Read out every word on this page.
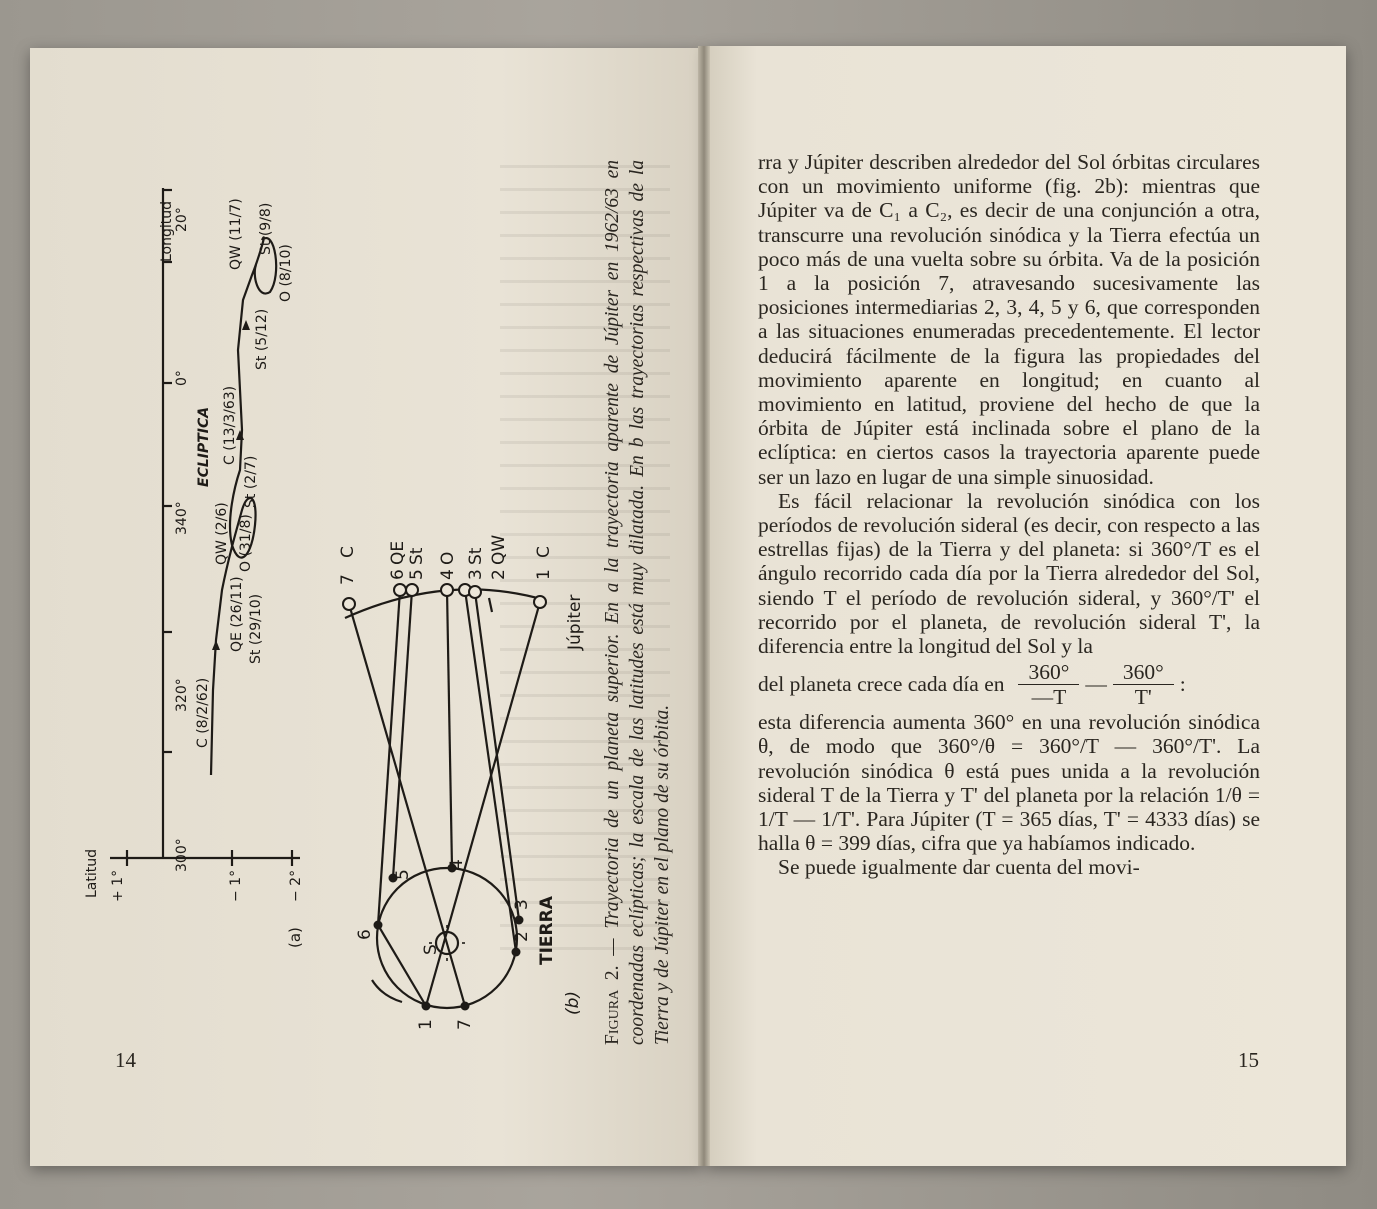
Latitud + 1°	− 1°	− 2°
(a)
300°
320°
340°
0°
20°
Longitud
ECLIPTICA
C (8/2/62)
QE (26/11) St (29/10)
O (31/8)
QW (2/6)
St (2/7)
C (13/3/63)
St (5/12)
QW (11/7) St (9/8)
O (8/10)
7 6 5 4 3 2 1
C QE St O St QW C
6
5
4
3
2
1 7
S	TIERRA
Júpiter
(b) Figura 2. — Trayectoria de un planeta superior. En a la trayectoria aparente de Júpiter en 1962/63 en coordenadas eclípticas; la escala de las latitudes está muy dilatada. En b las trayectorias respectivas de la Tierra y de Júpiter en el plano de su órbita.
14

rra y Júpiter describen alrededor del Sol órbitas circulares con un movimiento uniforme (fig. 2b): mientras que Júpiter va de C₁ a C₂, es decir de una conjunción a otra, transcurre una revolución sinódica y la Tierra efectúa un poco más de una vuelta sobre su órbita. Va de la posición 1 a la posición 7, atravesando sucesivamente las posiciones intermediarias 2, 3, 4, 5 y 6, que corresponden a las situaciones enumeradas precedentemente. El lector deducirá fácilmente de la figura las propiedades del movimiento aparente en longitud; en cuanto al movimiento en latitud, proviene del hecho de que la órbita de Júpiter está inclinada sobre el plano de la eclíptica: en ciertos casos la trayectoria aparente puede ser un lazo en lugar de una simple sinuosidad.

Es fácil relacionar la revolución sinódica con los períodos de revolución sideral (es decir, con respecto a las estrellas fijas) de la Tierra y del planeta: si 360°/T es el ángulo recorrido cada día por la Tierra alrededor del Sol, siendo T el período de revolución sideral, y 360°/T' el recorrido por el planeta, de revolución sideral T', la diferencia entre la longitud del Sol y la

del planeta crece cada día en $\frac{360^\circ}{—T}$ — $\frac{360^\circ}{T'}$ :

esta diferencia aumenta 360° en una revolución sinódica θ, de modo que 360°/θ = 360°/T — 360°/T'. La revolución sinódica θ está pues unida a la revolución sideral T de la Tierra y T' del planeta por la relación 1/θ = 1/T — 1/T'. Para Júpiter (T = 365 días, T' = 4333 días) se halla θ = 399 días, cifra que ya habíamos indicado.

Se puede igualmente dar cuenta del movi-

15
